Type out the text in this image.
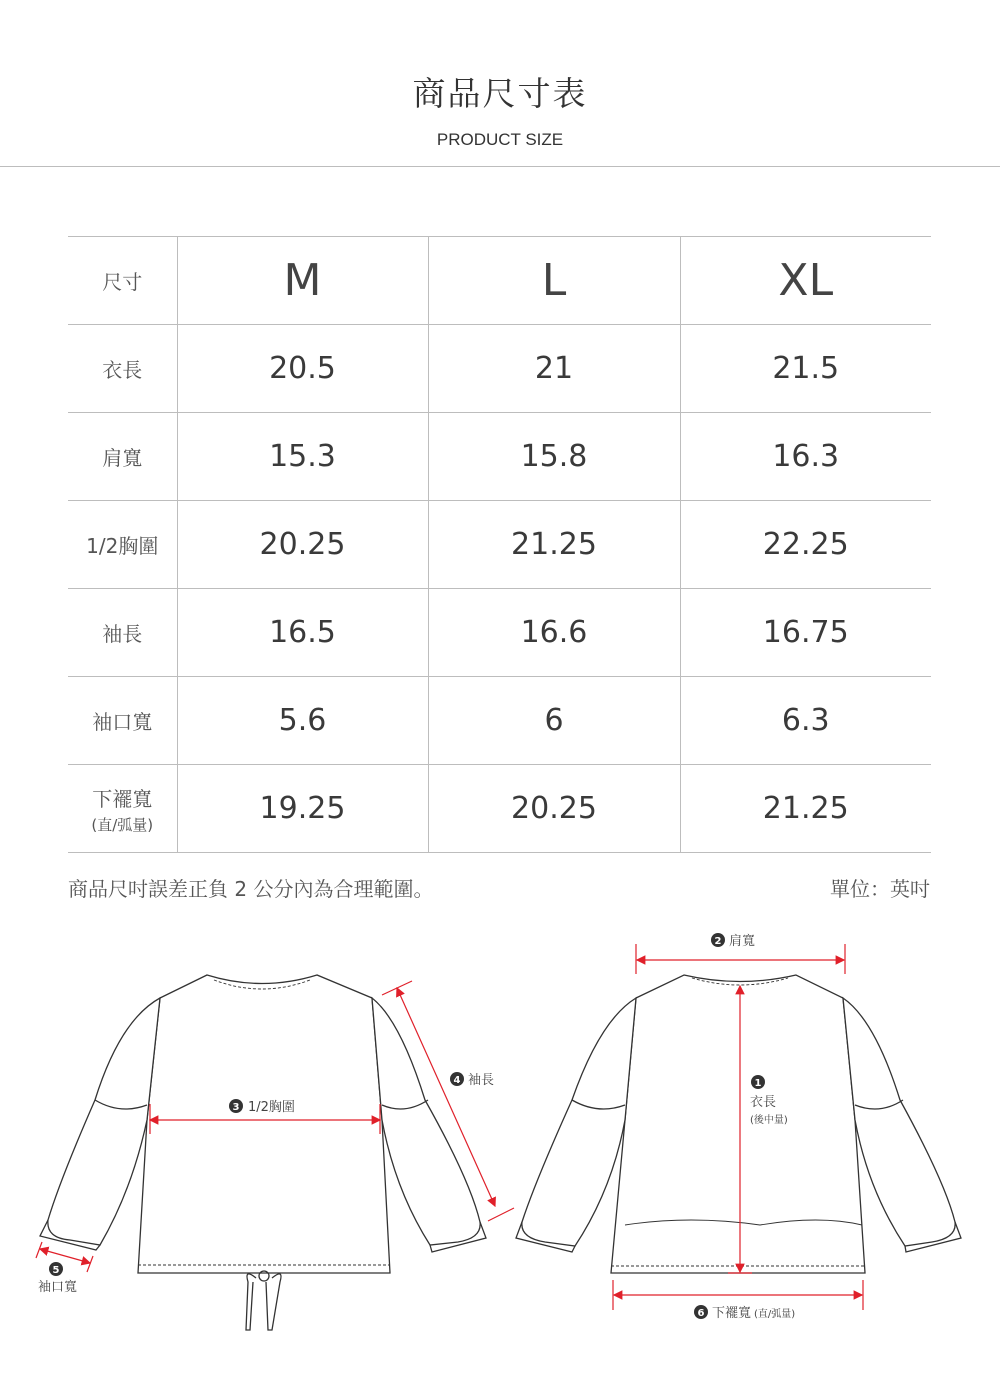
商品尺寸表
PRODUCT SIZE
尺寸	M	L	XL
衣長	20.5	21	21.5
肩寬	15.3	15.8	16.3
1/2胸圍	20.25	21.25	22.25
袖長	16.5	16.6	16.75
袖口寬	5.6	6	6.3
下襬寬
(直/弧量)	19.25	20.25	21.25
商品尺吋誤差正負 2 公分內為合理範圍。	單位：英吋
3 1/2胸圍
4 袖長
5
袖口寬
2 肩寬
1
衣長
(後中量)
6 下襬寬 (直/弧量)
